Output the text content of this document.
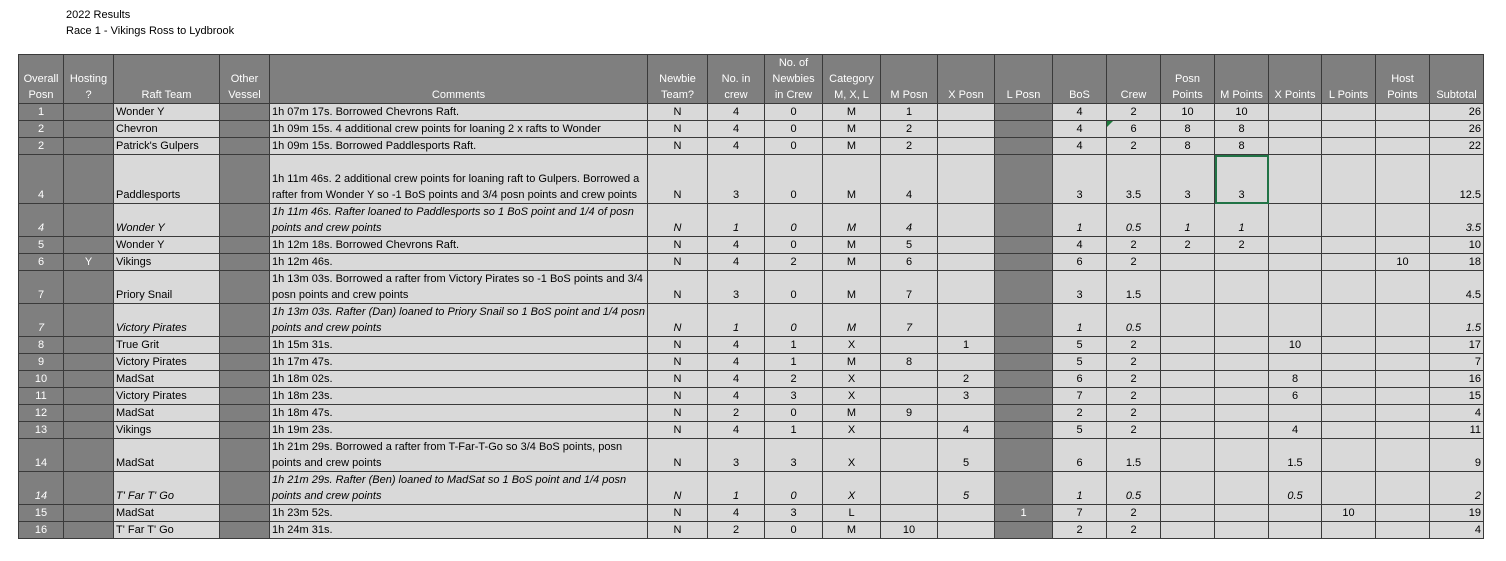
2022 Results
Race 1 - Vikings Ross to Lydbrook
Overall Posn	Hosting ?	Raft Team	Other Vessel	Comments	Newbie Team?	No. in crew	No. of Newbies in Crew	Category M, X, L	M Posn	X Posn	L Posn	BoS	Crew	Posn Points	M Points	X Points	L Points	Host Points	Subtotal
1		Wonder Y		1h 07m 17s. Borrowed Chevrons Raft.	N	4	0	M	1			4	2	10	10				26
2		Chevron		1h 09m 15s. 4 additional crew points for loaning 2 x rafts to Wonder	N	4	0	M	2			4	6	8	8				26
2		Patrick's Gulpers		1h 09m 15s. Borrowed Paddlesports Raft.	N	4	0	M	2			4	2	8	8				22
4		Paddlesports		1h 11m 46s. 2 additional crew points for loaning raft to Gulpers. Borrowed a rafter from Wonder Y so -1 BoS points and 3/4 posn points and crew points	N	3	0	M	4			3	3.5	3	3				12.5
4		Wonder Y		1h 11m 46s. Rafter loaned to Paddlesports so 1 BoS point and 1/4 of posn points and crew points	N	1	0	M	4			1	0.5	1	1				3.5
5		Wonder Y		1h 12m 18s. Borrowed Chevrons Raft.	N	4	0	M	5			4	2	2	2				10
6	Y	Vikings		1h 12m 46s.	N	4	2	M	6			6	2					10	18
7		Priory Snail		1h 13m 03s. Borrowed a rafter from Victory Pirates so -1 BoS points and 3/4 posn points and crew points	N	3	0	M	7			3	1.5						4.5
7		Victory Pirates		1h 13m 03s. Rafter (Dan) loaned to Priory Snail so 1 BoS point and 1/4 posn points and crew points	N	1	0	M	7			1	0.5						1.5
8		True Grit		1h 15m 31s.	N	4	1	X		1		5	2			10			17
9		Victory Pirates		1h 17m 47s.	N	4	1	M	8			5	2						7
10		MadSat		1h 18m 02s.	N	4	2	X		2		6	2			8			16
11		Victory Pirates		1h 18m 23s.	N	4	3	X		3		7	2			6			15
12		MadSat		1h 18m 47s.	N	2	0	M	9			2	2						4
13		Vikings		1h 19m 23s.	N	4	1	X		4		5	2			4			11
14		MadSat		1h 21m 29s. Borrowed a rafter from T-Far-T-Go so 3/4 BoS points, posn points and crew points	N	3	3	X		5		6	1.5			1.5			9
14		T' Far T' Go		1h 21m 29s. Rafter (Ben) loaned to MadSat so 1 BoS point and 1/4 posn points and crew points	N	1	0	X		5		1	0.5			0.5			2
15		MadSat		1h 23m 52s.	N	4	3	L			1	7	2				10		19
16		T' Far T' Go		1h 24m 31s.	N	2	0	M	10			2	2						4
